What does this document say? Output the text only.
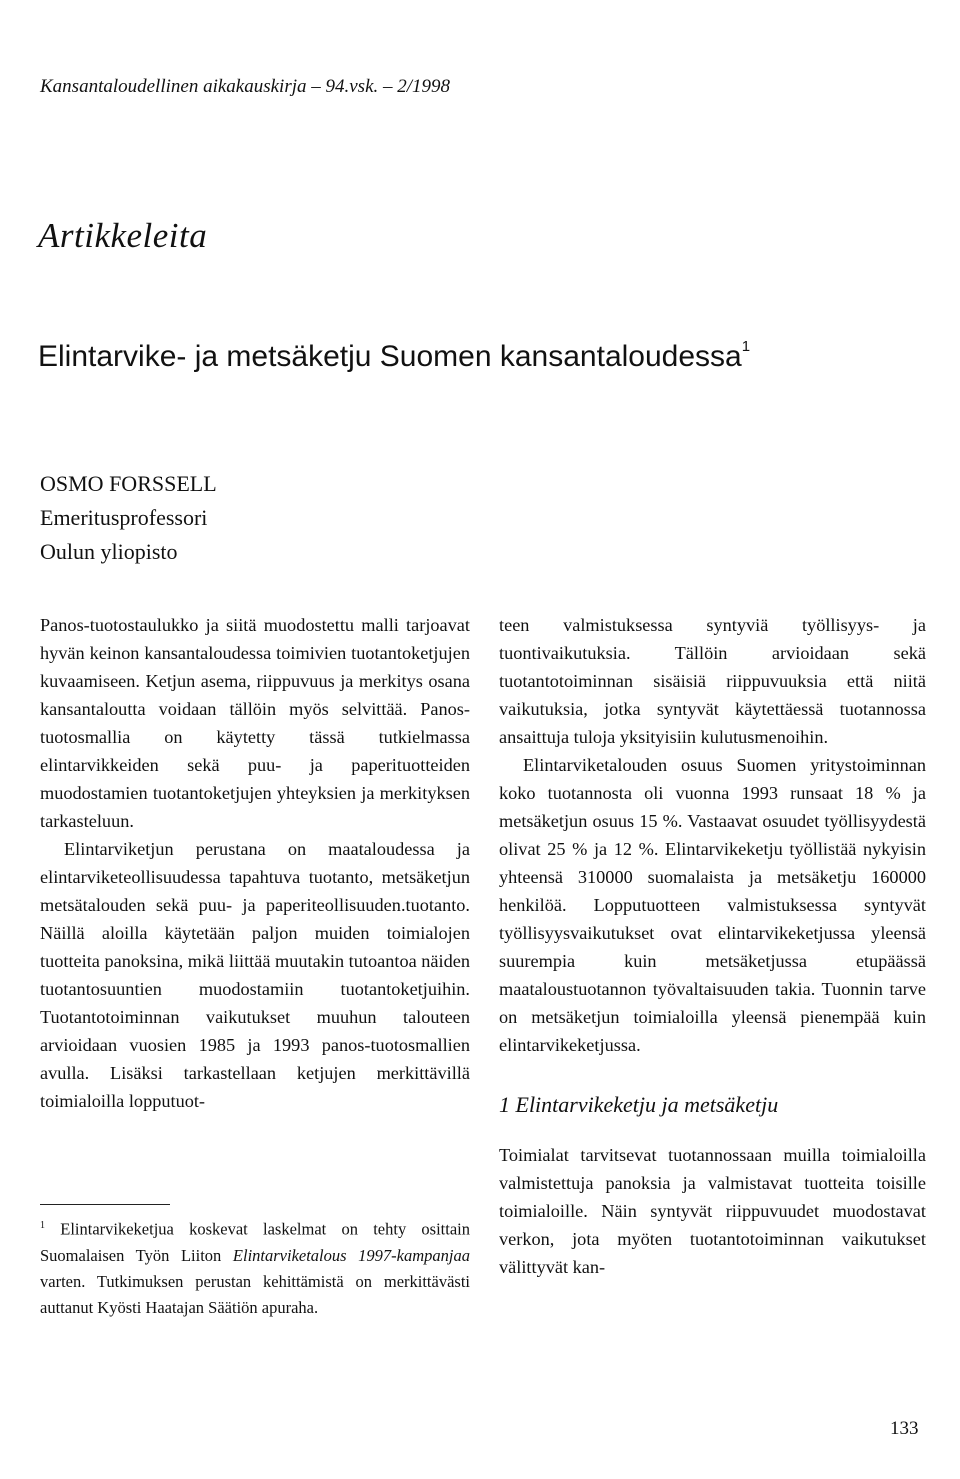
Kansantaloudellinen aikakauskirja – 94.vsk. – 2/1998
Artikkeleita
Elintarvike- ja metsäketju Suomen kansantaloudessa$^1$
OSMO FORSSELL
Emeritusprofessori
Oulun yliopisto

Panos-tuotostaulukko ja siitä muodostettu malli tarjoavat hyvän keinon kansantaloudessa toimivien tuotantoketjujen kuvaamiseen. Ketjun asema, riippuvuus ja merkitys osana kansantaloutta voidaan tällöin myös selvittää. Panos-tuotosmallia on käytetty tässä tutkielmassa elintarvikkeiden sekä puu- ja paperituotteiden muodostamien tuotantoketjujen yhteyksien ja merkityksen tarkasteluun.

Elintarviketjun perustana on maataloudessa ja elintarviketeollisuudessa tapahtuva tuotanto, metsäketjun metsätalouden sekä puu- ja paperiteollisuuden.tuotanto. Näillä aloilla käytetään paljon muiden toimialojen tuotteita panoksina, mikä liittää muutakin tutoantoa näiden tuotantosuuntien muodostamiin tuotantoketjuihin. Tuotantotoiminnan vaikutukset muuhun talouteen arvioidaan vuosien 1985 ja 1993 panos-tuotosmallien avulla. Lisäksi tarkastellaan ketjujen merkittävillä toimialoilla lopputuot-

$^1$ Elintarvikeketjua koskevat laskelmat on tehty osittain Suomalaisen Työn Liiton Elintarviketalous 1997-kampanjaa varten. Tutkimuksen perustan kehittämistä on merkittävästi auttanut Kyösti Haatajan Säätiön apuraha.

teen valmistuksessa syntyviä työllisyys- ja tuontivaikutuksia. Tällöin arvioidaan sekä tuotantotoiminnan sisäisiä riippuvuuksia että niitä vaikutuksia, jotka syntyvät käytettäessä tuotannossa ansaittuja tuloja yksityisiin kulutusmenoihin.

Elintarviketalouden osuus Suomen yritystoiminnan koko tuotannosta oli vuonna 1993 runsaat 18 % ja metsäketjun osuus 15 %. Vastaavat osuudet työllisyydestä olivat 25 % ja 12 %. Elintarvikeketju työllistää nykyisin yhteensä 310000 suomalaista ja metsäketju 160000 henkilöä. Lopputuotteen valmistuksessa syntyvät työllisyysvaikutukset ovat elintarvikeketjussa yleensä suurempia kuin metsäketjussa etupäässä maataloustuotannon työvaltaisuuden takia. Tuonnin tarve on metsäketjun toimialoilla yleensä pienempää kuin elintarvikeketjussa.

1 Elintarvikeketju ja metsäketju

Toimialat tarvitsevat tuotannossaan muilla toimialoilla valmistettuja panoksia ja valmistavat tuotteita toisille toimialoille. Näin syntyvät riippuvuudet muodostavat verkon, jota myöten tuotantotoiminnan vaikutukset välittyvät kan-

133
